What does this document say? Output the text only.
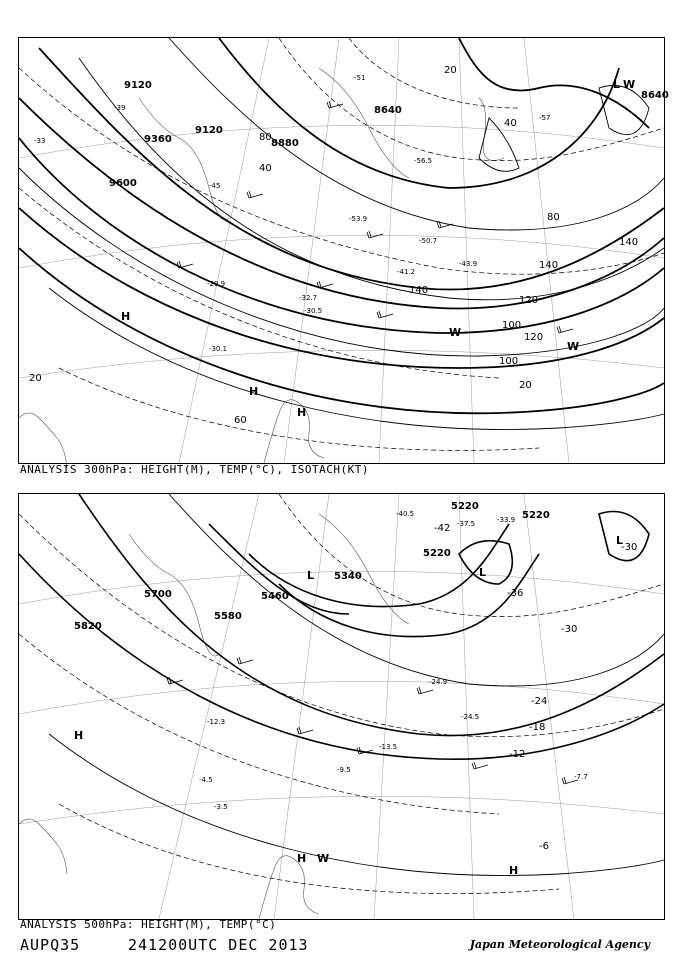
9120
9360
9600
9120
8880
8640
8640
20
40
60
80
100
120
140
140
20
20
40
80
100
120
140
H
H
H
L W
W
W
-33
-39
-45
-51
-57
-41.2
-43.9
-50.7
-53.9
-56.5
-32.7
-30.5
-29.9
-30.1
ANALYSIS 300hPa: HEIGHT(M), TEMP(°C), ISOTACH(KT)
5700
5820
5580
5460
5340
5220
5220
5220
-42
-36
-30
-30
-24
-18
-12
-6
H
H
H
L	L
L
W
-40.5
-37.5	-33.9
-24.9
-24.5
-12.3
-13.5
-7.7
-4.5
-3.5
-9.5
ANALYSIS 500hPa: HEIGHT(M), TEMP(°C)
AUPQ35	241200UTC DEC 2013	Japan Meteorological Agency
